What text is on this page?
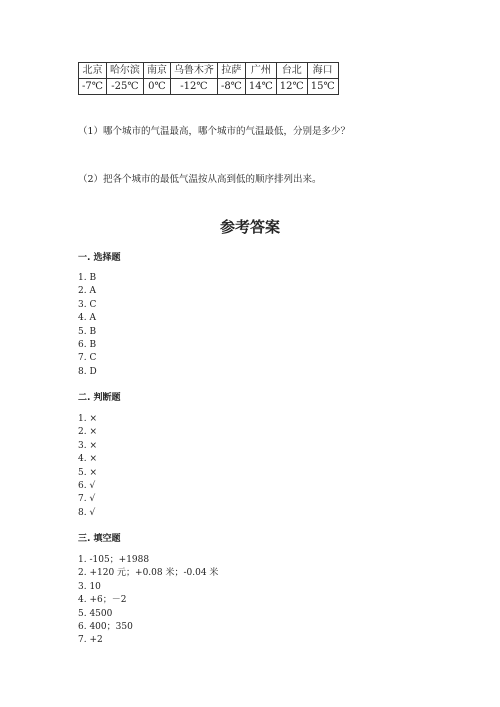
北京	哈尔滨	南京	乌鲁木齐	拉萨	广州	台北	海口
-7℃	-25℃	0℃	-12℃	-8℃	14℃	12℃	15℃
（1）哪个城市的气温最高，哪个城市的气温最低，分别是多少？
（2）把各个城市的最低气温按从高到低的顺序排列出来。
参考答案
一. 选择题
1. B
2. A
3. C
4. A
5. B
6. B
7. C
8. D
二. 判断题
1. ×
2. ×
3. ×
4. ×
5. ×
6. √
7. √
8. √
三. 填空题
1. -105；+1988
2. +120 元；+0.08 米；-0.04 米
3. 10
4. +6；－2
5. 4500
6. 400；350
7. +2
